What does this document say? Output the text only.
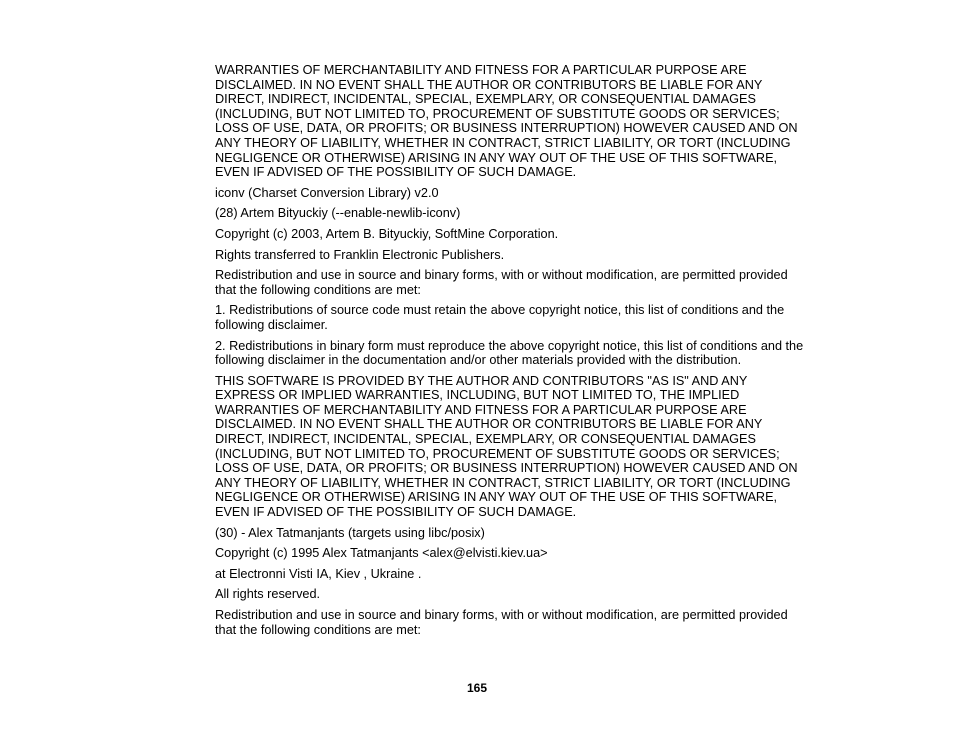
WARRANTIES OF MERCHANTABILITY AND FITNESS FOR A PARTICULAR PURPOSE ARE
DISCLAIMED. IN NO EVENT SHALL THE AUTHOR OR CONTRIBUTORS BE LIABLE FOR ANY
DIRECT, INDIRECT, INCIDENTAL, SPECIAL, EXEMPLARY, OR CONSEQUENTIAL DAMAGES
(INCLUDING, BUT NOT LIMITED TO, PROCUREMENT OF SUBSTITUTE GOODS OR SERVICES;
LOSS OF USE, DATA, OR PROFITS; OR BUSINESS INTERRUPTION) HOWEVER CAUSED AND ON
ANY THEORY OF LIABILITY, WHETHER IN CONTRACT, STRICT LIABILITY, OR TORT (INCLUDING
NEGLIGENCE OR OTHERWISE) ARISING IN ANY WAY OUT OF THE USE OF THIS SOFTWARE,
EVEN IF ADVISED OF THE POSSIBILITY OF SUCH DAMAGE.

iconv (Charset Conversion Library) v2.0

(28) Artem Bityuckiy (--enable-newlib-iconv)

Copyright (c) 2003, Artem B. Bityuckiy, SoftMine Corporation.

Rights transferred to Franklin Electronic Publishers.

Redistribution and use in source and binary forms, with or without modification, are permitted provided
that the following conditions are met:

1. Redistributions of source code must retain the above copyright notice, this list of conditions and the
following disclaimer.

2. Redistributions in binary form must reproduce the above copyright notice, this list of conditions and the
following disclaimer in the documentation and/or other materials provided with the distribution.

THIS SOFTWARE IS PROVIDED BY THE AUTHOR AND CONTRIBUTORS "AS IS" AND ANY
EXPRESS OR IMPLIED WARRANTIES, INCLUDING, BUT NOT LIMITED TO, THE IMPLIED
WARRANTIES OF MERCHANTABILITY AND FITNESS FOR A PARTICULAR PURPOSE ARE
DISCLAIMED. IN NO EVENT SHALL THE AUTHOR OR CONTRIBUTORS BE LIABLE FOR ANY
DIRECT, INDIRECT, INCIDENTAL, SPECIAL, EXEMPLARY, OR CONSEQUENTIAL DAMAGES
(INCLUDING, BUT NOT LIMITED TO, PROCUREMENT OF SUBSTITUTE GOODS OR SERVICES;
LOSS OF USE, DATA, OR PROFITS; OR BUSINESS INTERRUPTION) HOWEVER CAUSED AND ON
ANY THEORY OF LIABILITY, WHETHER IN CONTRACT, STRICT LIABILITY, OR TORT (INCLUDING
NEGLIGENCE OR OTHERWISE) ARISING IN ANY WAY OUT OF THE USE OF THIS SOFTWARE,
EVEN IF ADVISED OF THE POSSIBILITY OF SUCH DAMAGE.

(30) - Alex Tatmanjants (targets using libc/posix)

Copyright (c) 1995 Alex Tatmanjants <alex@elvisti.kiev.ua>

at Electronni Visti IA, Kiev , Ukraine .

All rights reserved.

Redistribution and use in source and binary forms, with or without modification, are permitted provided
that the following conditions are met:

165
